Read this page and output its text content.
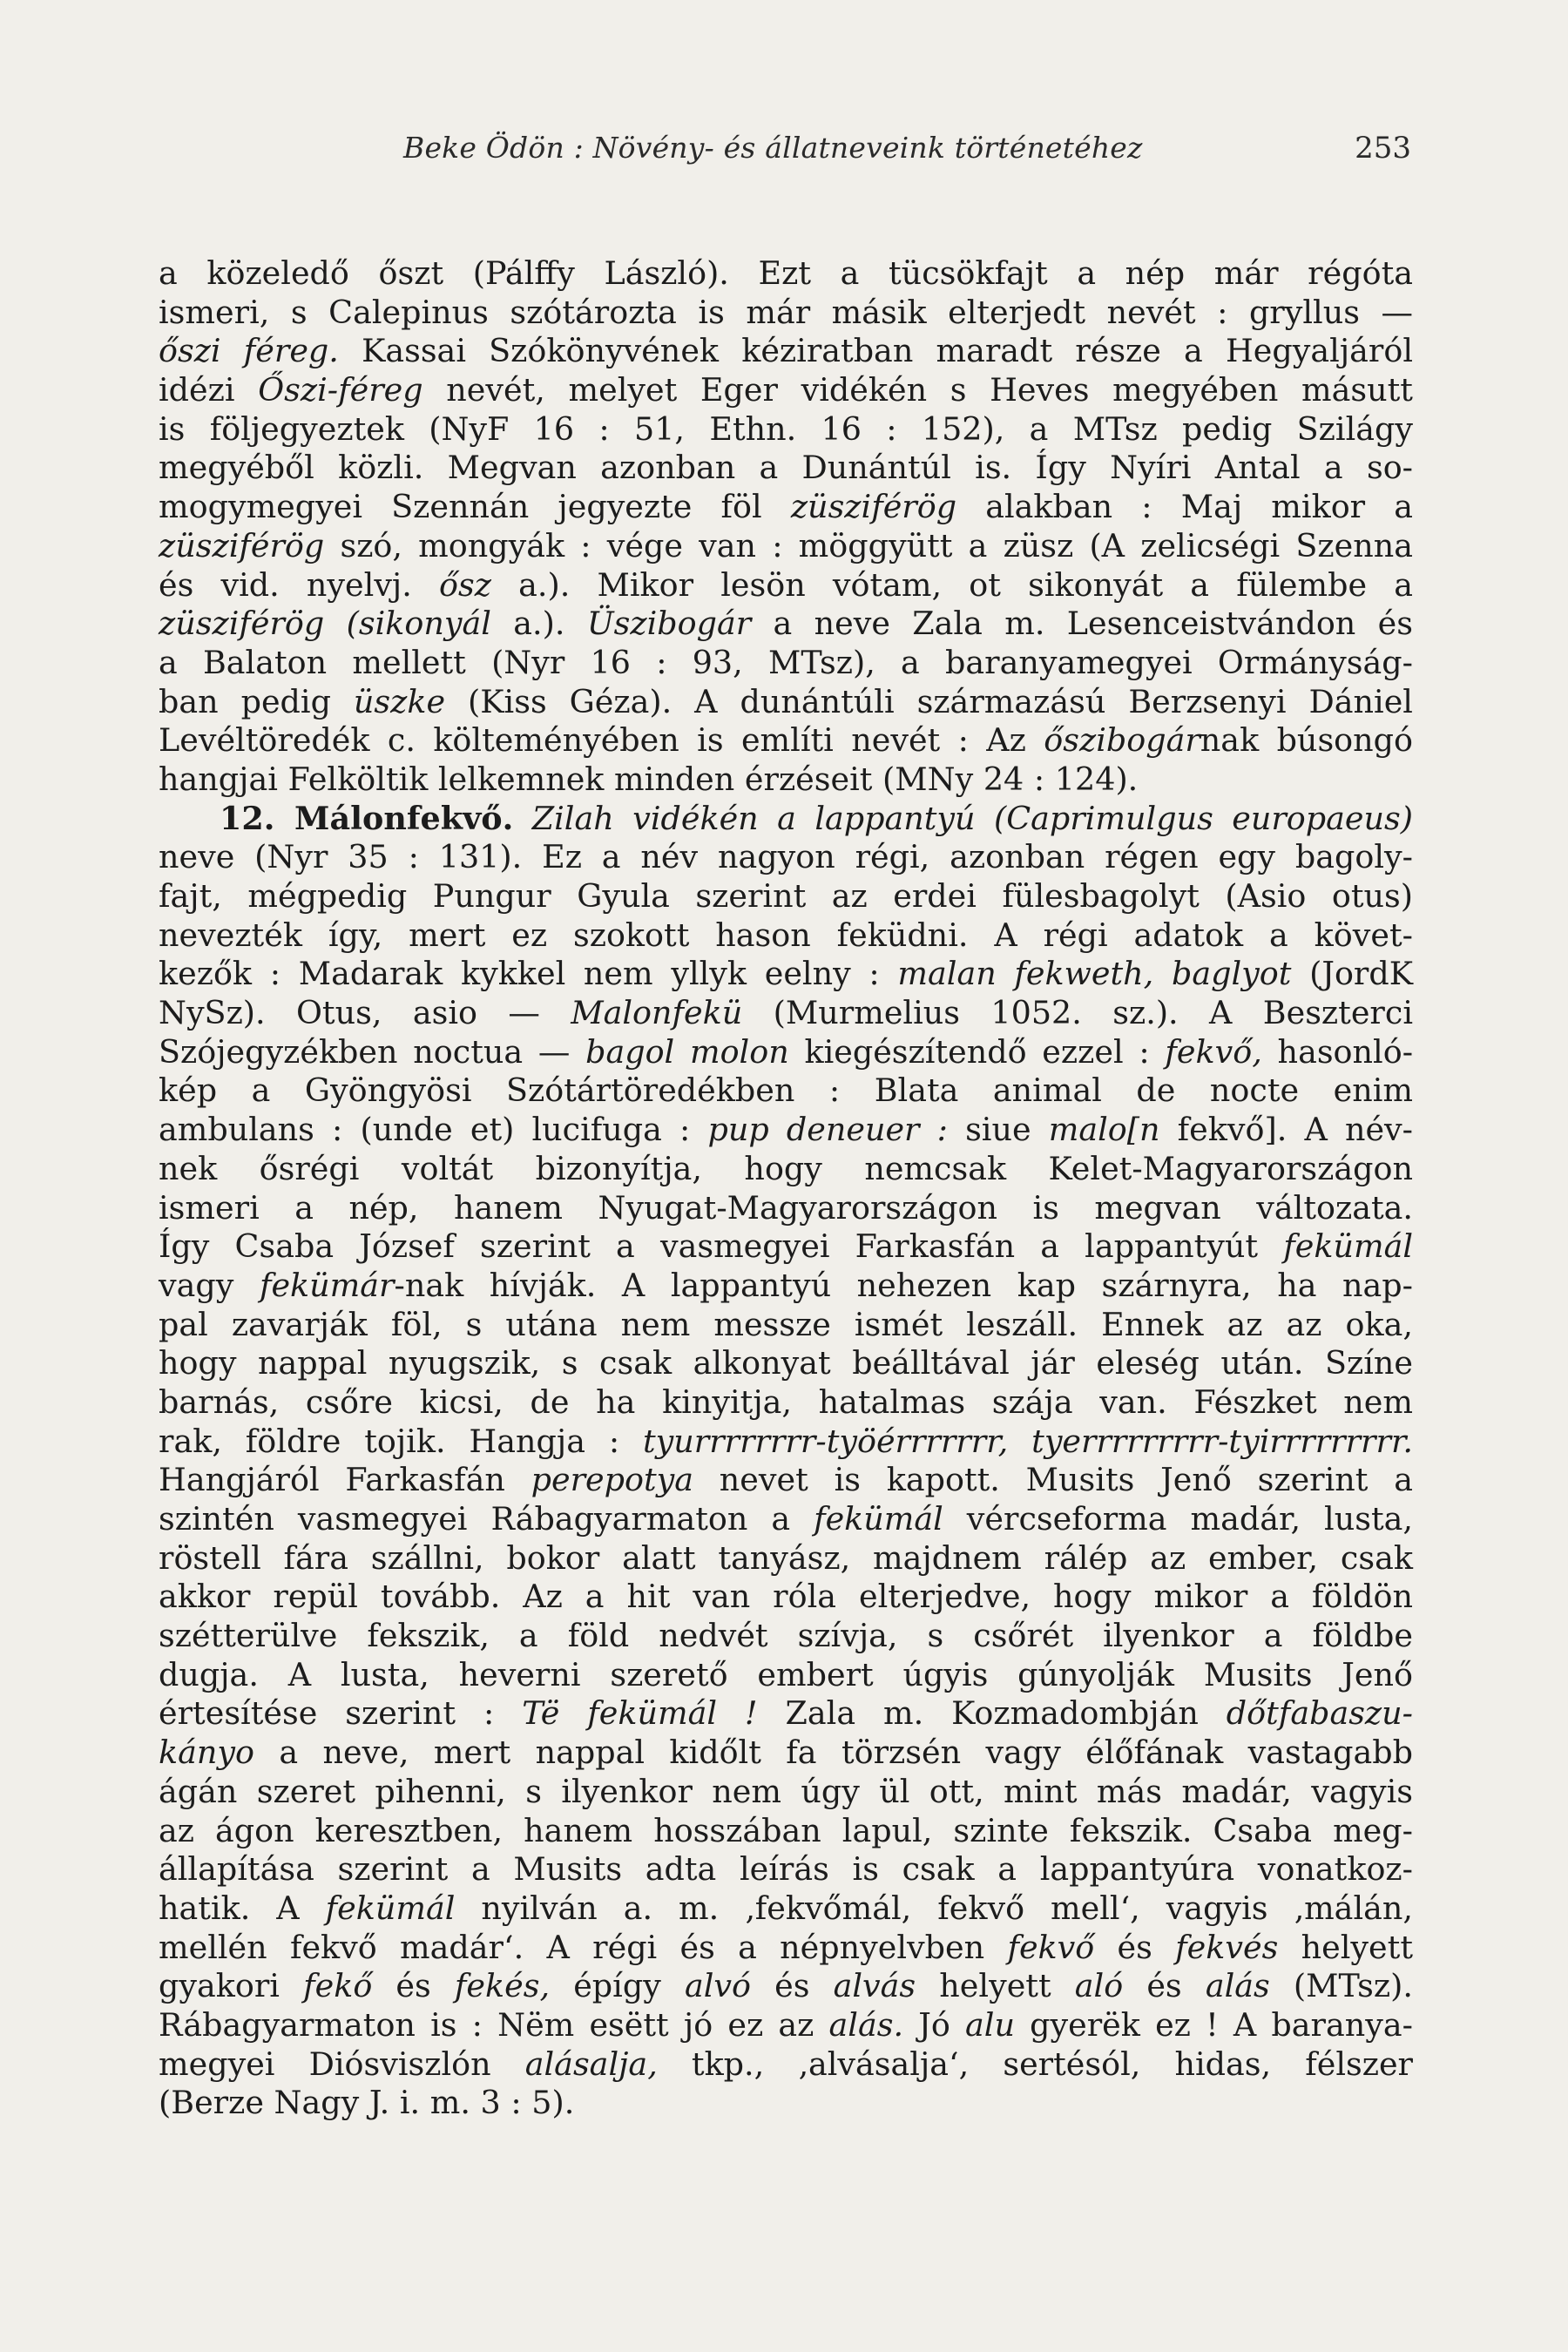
Beke Ödön : Növény- és állatneveink történetéhez	253
a közeledő őszt (Pálffy László). Ezt a tücsökfajt a nép már régóta
ismeri, s Calepinus szótározta is már másik elterjedt nevét : gryllus —
őszi féreg. Kassai Szókönyvének kéziratban maradt része a Hegyaljáról
idézi Őszi-féreg nevét, melyet Eger vidékén s Heves megyében másutt
is följegyeztek (NyF 16 : 51, Ethn. 16 : 152), a MTsz pedig Szilágy
megyéből közli. Megvan azonban a Dunántúl is. Így Nyíri Antal a so-
mogymegyei Szennán jegyezte föl züsziférög alakban : Maj mikor a
züsziférög szó, mongyák : vége van : möggyütt a züsz (A zelicségi Szenna
és vid. nyelvj. ősz a.). Mikor lesön vótam, ot sikonyát a fülembe a
züsziférög (sikonyál a.). Üszibogár a neve Zala m. Lesenceistvándon és
a Balaton mellett (Nyr 16 : 93, MTsz), a baranyamegyei Ormányság-
ban pedig üszke (Kiss Géza). A dunántúli származású Berzsenyi Dániel
Levéltöredék c. költeményében is említi nevét : Az őszibogárnak búsongó
hangjai Felköltik lelkemnek minden érzéseit (MNy 24 : 124).
12. Málonfekvő. Zilah vidékén a lappantyú (Caprimulgus europaeus)
neve (Nyr 35 : 131). Ez a név nagyon régi, azonban régen egy bagoly-
fajt, mégpedig Pungur Gyula szerint az erdei fülesbagolyt (Asio otus)
nevezték így, mert ez szokott hason feküdni. A régi adatok a követ-
kezők : Madarak kykkel nem yllyk eelny : malan fekweth, baglyot (JordK
NySz). Otus, asio — Malonfekü (Murmelius 1052. sz.). A Beszterci
Szójegyzékben noctua — bagol molon kiegészítendő ezzel : fekvő, hasonló-
kép a Gyöngyösi Szótártöredékben : Blata animal de nocte enim
ambulans : (unde et) lucifuga : pup deneuer : siue malo[n fekvő]. A név-
nek ősrégi voltát bizonyítja, hogy nemcsak Kelet-Magyarországon
ismeri a nép, hanem Nyugat-Magyarországon is megvan változata.
Így Csaba József szerint a vasmegyei Farkasfán a lappantyút fekümál
vagy fekümár-nak hívják. A lappantyú nehezen kap szárnyra, ha nap-
pal zavarják föl, s utána nem messze ismét leszáll. Ennek az az oka,
hogy nappal nyugszik, s csak alkonyat beálltával jár eleség után. Színe
barnás, csőre kicsi, de ha kinyitja, hatalmas szája van. Fészket nem
rak, földre tojik. Hangja : tyurrrrrrrr-työérrrrrrr, tyerrrrrrrrr-tyirrrrrrrrr.
Hangjáról Farkasfán perepotya nevet is kapott. Musits Jenő szerint a
szintén vasmegyei Rábagyarmaton a fekümál vércseforma madár, lusta,
röstell fára szállni, bokor alatt tanyász, majdnem rálép az ember, csak
akkor repül tovább. Az a hit van róla elterjedve, hogy mikor a földön
szétterülve fekszik, a föld nedvét szívja, s csőrét ilyenkor a földbe
dugja. A lusta, heverni szerető embert úgyis gúnyolják Musits Jenő
értesítése szerint : Të fekümál ! Zala m. Kozmadombján dőtfabaszu-
kányo a neve, mert nappal kidőlt fa törzsén vagy élőfának vastagabb
ágán szeret pihenni, s ilyenkor nem úgy ül ott, mint más madár, vagyis
az ágon keresztben, hanem hosszában lapul, szinte fekszik. Csaba meg-
állapítása szerint a Musits adta leírás is csak a lappantyúra vonatkoz-
hatik. A fekümál nyilván a. m. ‚fekvőmál, fekvő mell‘, vagyis ‚málán,
mellén fekvő madár‘. A régi és a népnyelvben fekvő és fekvés helyett
gyakori fekő és fekés, épígy alvó és alvás helyett aló és alás (MTsz).
Rábagyarmaton is : Nëm esëtt jó ez az alás. Jó alu gyerëk ez ! A baranya-
megyei Diósviszlón alásalja, tkp., ‚alvásalja‘, sertésól, hidas, félszer
(Berze Nagy J. i. m. 3 : 5).
